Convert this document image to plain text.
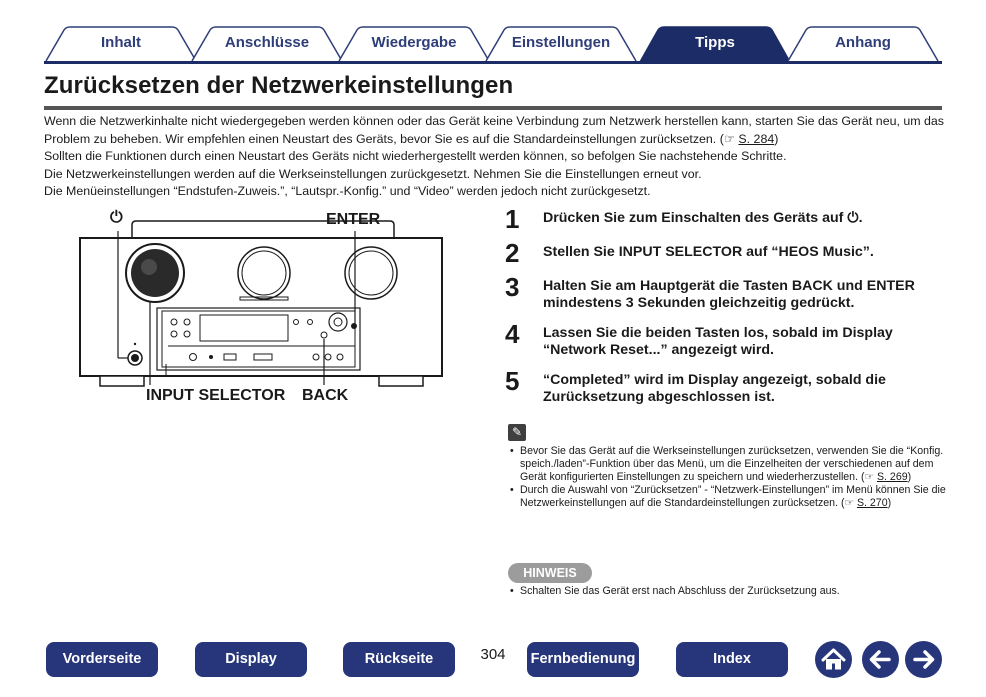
Inhalt	Anschlüsse	Wiedergabe	Einstellungen	Tipps	Anhang
Zurücksetzen der Netzwerkeinstellungen

Wenn die Netzwerkinhalte nicht wiedergegeben werden können oder das Gerät keine Verbindung zum Netzwerk herstellen kann, starten Sie das Gerät neu, um das Problem zu beheben. Wir empfehlen einen Neustart des Geräts, bevor Sie es auf die Standardeinstellungen zurücksetzen. (☞ S. 284)

Sollten die Funktionen durch einen Neustart des Geräts nicht wiederhergestellt werden können, so befolgen Sie nachstehende Schritte.

Die Netzwerkeinstellungen werden auf die Werkseinstellungen zurückgesetzt. Nehmen Sie die Einstellungen erneut vor.

Die Menüeinstellungen “Endstufen-Zuweis.”, “Lautspr.-Konfig.” und “Video” werden jedoch nicht zurückgesetzt.

⏻	ENTER
INPUT SELECTOR BACK
1	Drücken Sie zum Einschalten des Geräts auf ⏻.
2	Stellen Sie INPUT SELECTOR auf “HEOS Music”.
3	Halten Sie am Hauptgerät die Tasten BACK und ENTER mindestens 3 Sekunden gleichzeitig gedrückt.
4	Lassen Sie die beiden Tasten los, sobald im Display “Network Reset...” angezeigt wird.
5	“Completed” wird im Display angezeigt, sobald die Zurücksetzung abgeschlossen ist.
✎
• Bevor Sie das Gerät auf die Werkseinstellungen zurücksetzen, verwenden Sie die “Konfig. speich./laden”-Funktion über das Menü, um die Einzelheiten der verschiedenen auf dem Gerät konfigurierten Einstellungen zu speichern und wiederherzustellen. (☞ S. 269)
• Durch die Auswahl von “Zurücksetzen” - “Netzwerk-Einstellungen” im Menü können Sie die Netzwerkeinstellungen auf die Standardeinstellungen zurücksetzen. (☞ S. 270)
HINWEIS
• Schalten Sie das Gerät erst nach Abschluss der Zurücksetzung aus.
Vorderseite	Display	Rückseite	304	Fernbedienung	Index
